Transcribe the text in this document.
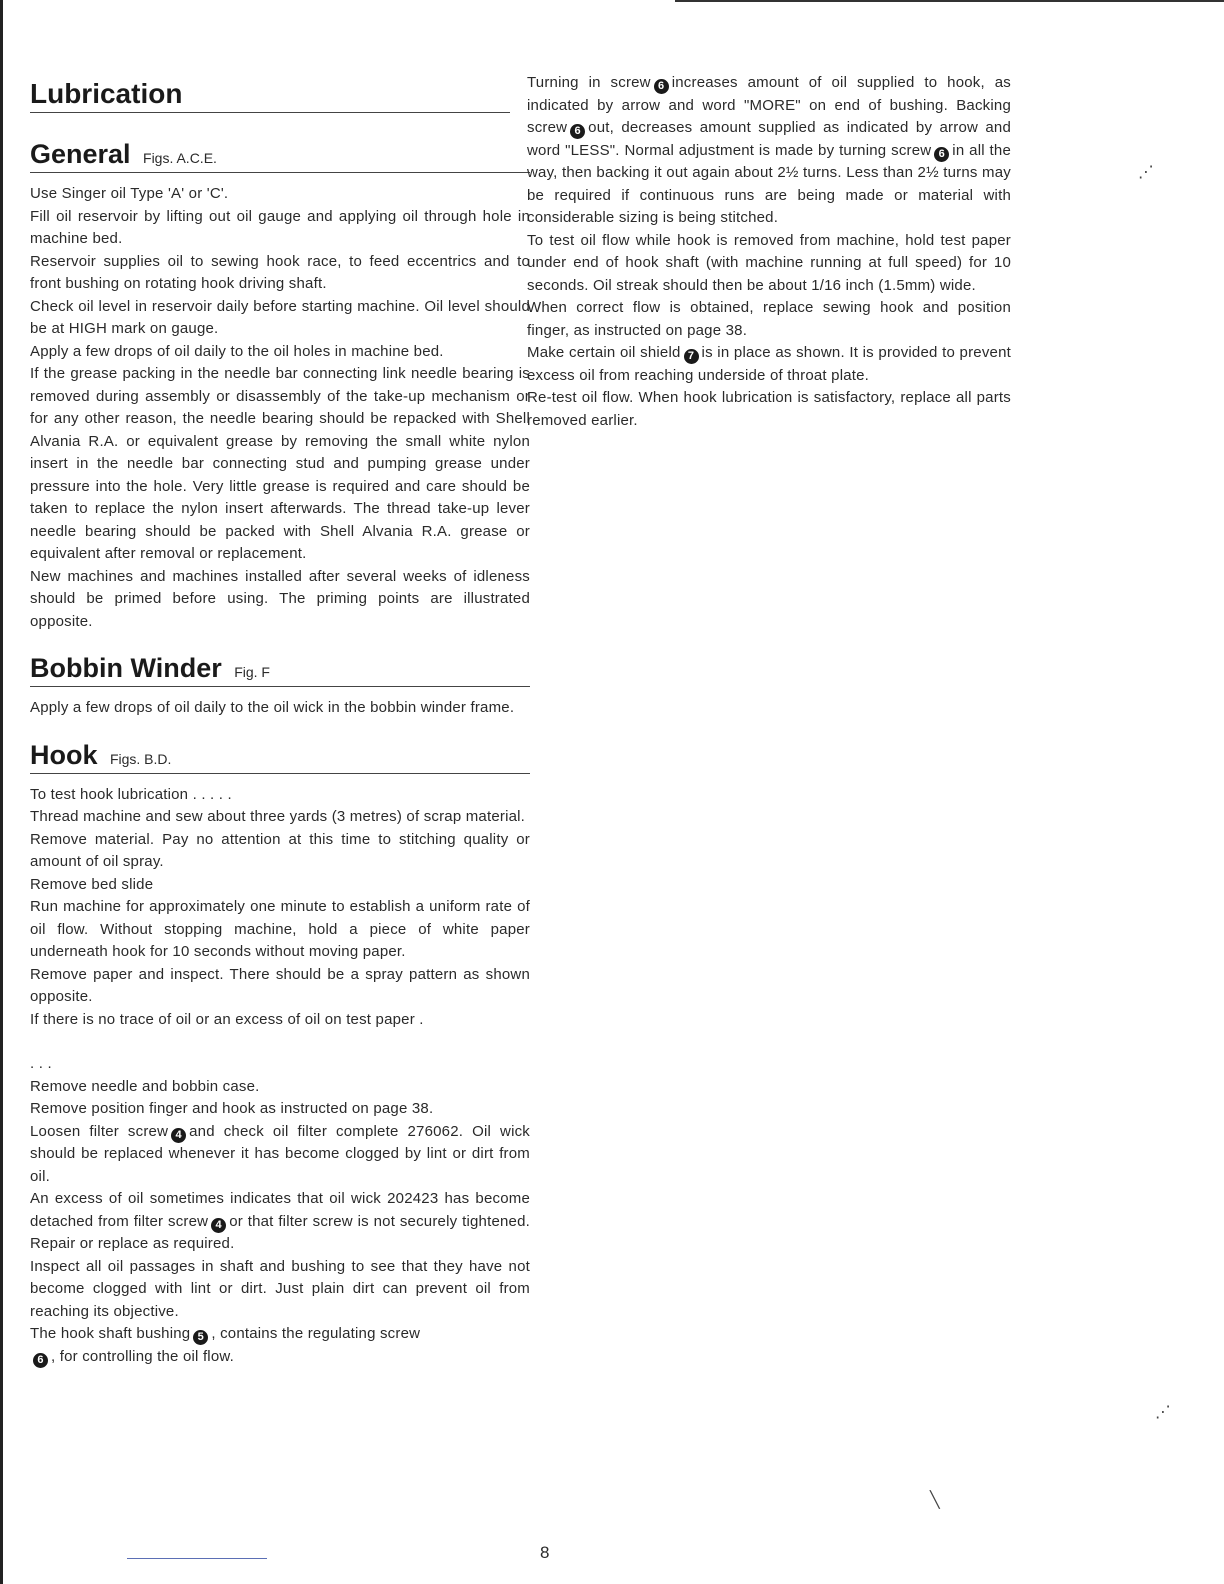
Lubrication
General Figs. A.C.E.

Use Singer oil Type 'A' or 'C'.

Fill oil reservoir by lifting out oil gauge and applying oil through hole in machine bed.

Reservoir supplies oil to sewing hook race, to feed eccentrics and to front bushing on rotating hook driving shaft.

Check oil level in reservoir daily before starting machine. Oil level should be at HIGH mark on gauge.

Apply a few drops of oil daily to the oil holes in machine bed.

If the grease packing in the needle bar connecting link needle bearing is removed during assembly or disassembly of the take-up mechanism or for any other reason, the needle bearing should be repacked with Shell Alvania R.A. or equivalent grease by removing the small white nylon insert in the needle bar connecting stud and pumping grease under pressure into the hole. Very little grease is required and care should be taken to replace the nylon insert afterwards. The thread take-up lever needle bearing should be packed with Shell Alvania R.A. grease or equivalent after removal or replacement.

New machines and machines installed after several weeks of idleness should be primed before using. The priming points are illustrated opposite.

Bobbin Winder Fig. F

Apply a few drops of oil daily to the oil wick in the bobbin winder frame.

Hook Figs. B.D.

To test hook lubrication . . . . .

Thread machine and sew about three yards (3 metres) of scrap material.

Remove material. Pay no attention at this time to stitching quality or amount of oil spray.

Remove bed slide

Run machine for approximately one minute to establish a uniform rate of oil flow. Without stopping machine, hold a piece of white paper underneath hook for 10 seconds without moving paper.

Remove paper and inspect. There should be a spray pattern as shown opposite.

If there is no trace of oil or an excess of oil on test paper .

. . .

Remove needle and bobbin case.

Remove position finger and hook as instructed on page 38.

Loosen filter screw 4 and check oil filter complete 276062. Oil wick should be replaced whenever it has become clogged by lint or dirt from oil.

An excess of oil sometimes indicates that oil wick 202423 has become detached from filter screw 4 or that filter screw is not securely tightened. Repair or replace as required.

Inspect all oil passages in shaft and bushing to see that they have not become clogged with lint or dirt. Just plain dirt can prevent oil from reaching its objective.

The hook shaft bushing 5 , contains the regulating screw
6 , for controlling the oil flow.

Turning in screw 6 increases amount of oil supplied to hook, as indicated by arrow and word "MORE" on end of bushing. Backing screw 6 out, decreases amount supplied as indicated by arrow and word "LESS". Normal adjustment is made by turning screw 6 in all the way, then backing it out again about 2½ turns. Less than 2½ turns may be required if continuous runs are being made or material with considerable sizing is being stitched.

To test oil flow while hook is removed from machine, hold test paper under end of hook shaft (with machine running at full speed) for 10 seconds. Oil streak should then be about 1/16 inch (1.5mm) wide.

When correct flow is obtained, replace sewing hook and position finger, as instructed on page 38.

Make certain oil shield 7 is in place as shown. It is provided to prevent excess oil from reaching underside of throat plate.

Re-test oil flow. When hook lubrication is satisfactory, replace all parts removed earlier.

⋰
⋰
╲
8
